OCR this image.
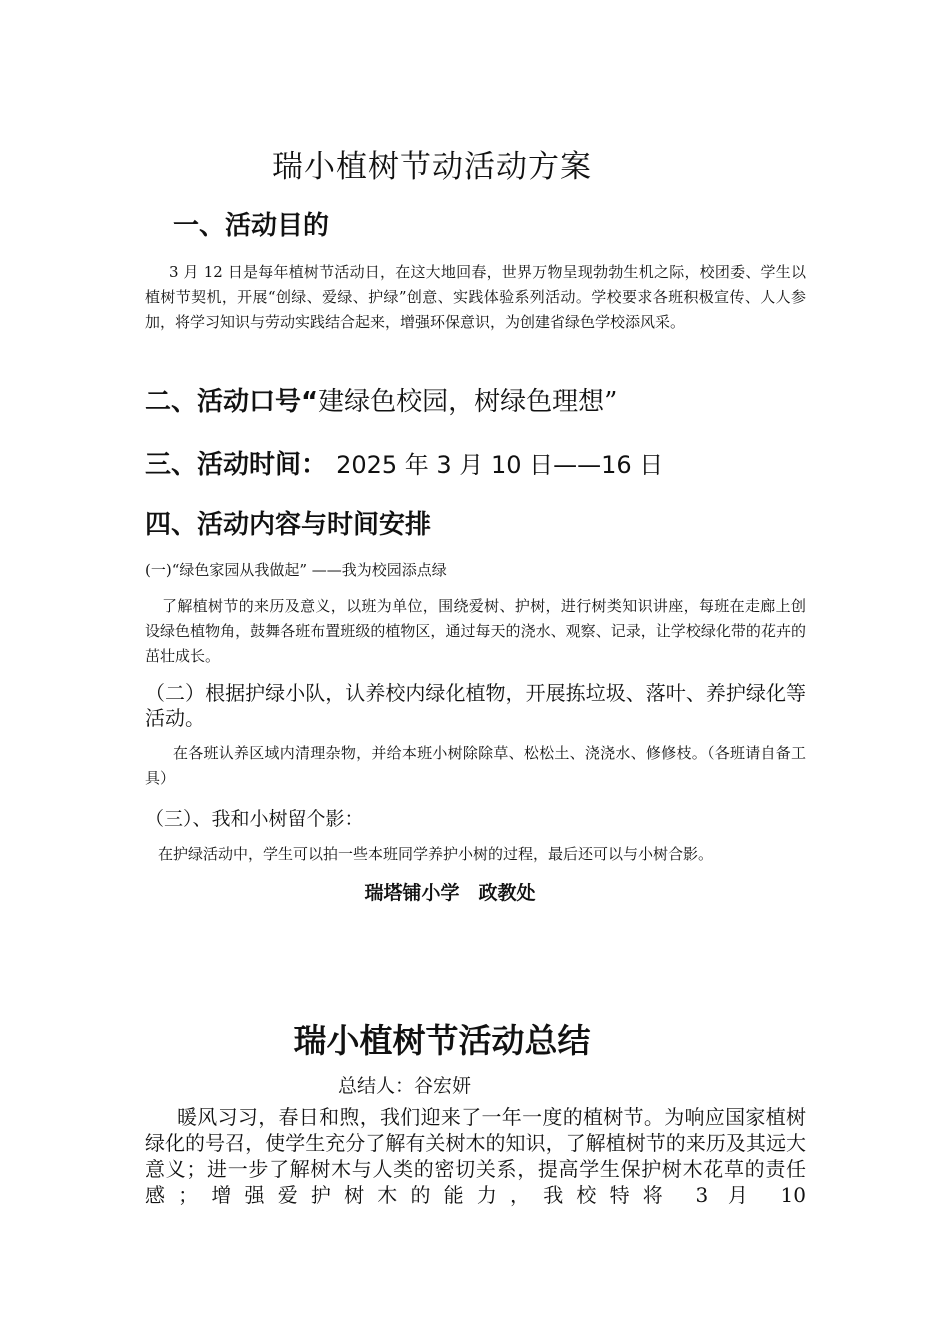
瑞小植树节动活动方案
一、活动目的
3 月 12 日是每年植树节活动日，在这大地回春，世界万物呈现勃勃生机之际，校团委、学生以植树节契机，开展“创绿、爱绿、护绿”创意、实践体验系列活动。学校要求各班积极宣传、人人参加，将学习知识与劳动实践结合起来，增强环保意识，为创建省绿色学校添风采。
二、活动口号“建绿色校园，树绿色理想”
三、活动时间： 2025 年 3 月 10 日——16 日
四、活动内容与时间安排
(一)“绿色家园从我做起” ——我为校园添点绿
了解植树节的来历及意义，以班为单位，围绕爱树、护树，进行树类知识讲座，每班在走廊上创设绿色植物角，鼓舞各班布置班级的植物区，通过每天的浇水、观察、记录，让学校绿化带的花卉的茁壮成长。
（二）根据护绿小队，认养校内绿化植物，开展拣垃圾、落叶、养护绿化等活动。
在各班认养区域内清理杂物，并给本班小树除除草、松松土、浇浇水、修修枝。（各班请自备工具）
（三）、我和小树留个影：
在护绿活动中，学生可以拍一些本班同学养护小树的过程，最后还可以与小树合影。
瑞塔铺小学　政教处
瑞小植树节活动总结
总结人：谷宏妍
暖风习习，春日和煦，我们迎来了一年一度的植树节。为响应国家植树绿化的号召，使学生充分了解有关树木的知识，了解植树节的来历及其远大意义；进一步了解树木与人类的密切关系，提高学生保护树木花草的责任感；增强爱护树木的能力，我校特将 3 月 10
